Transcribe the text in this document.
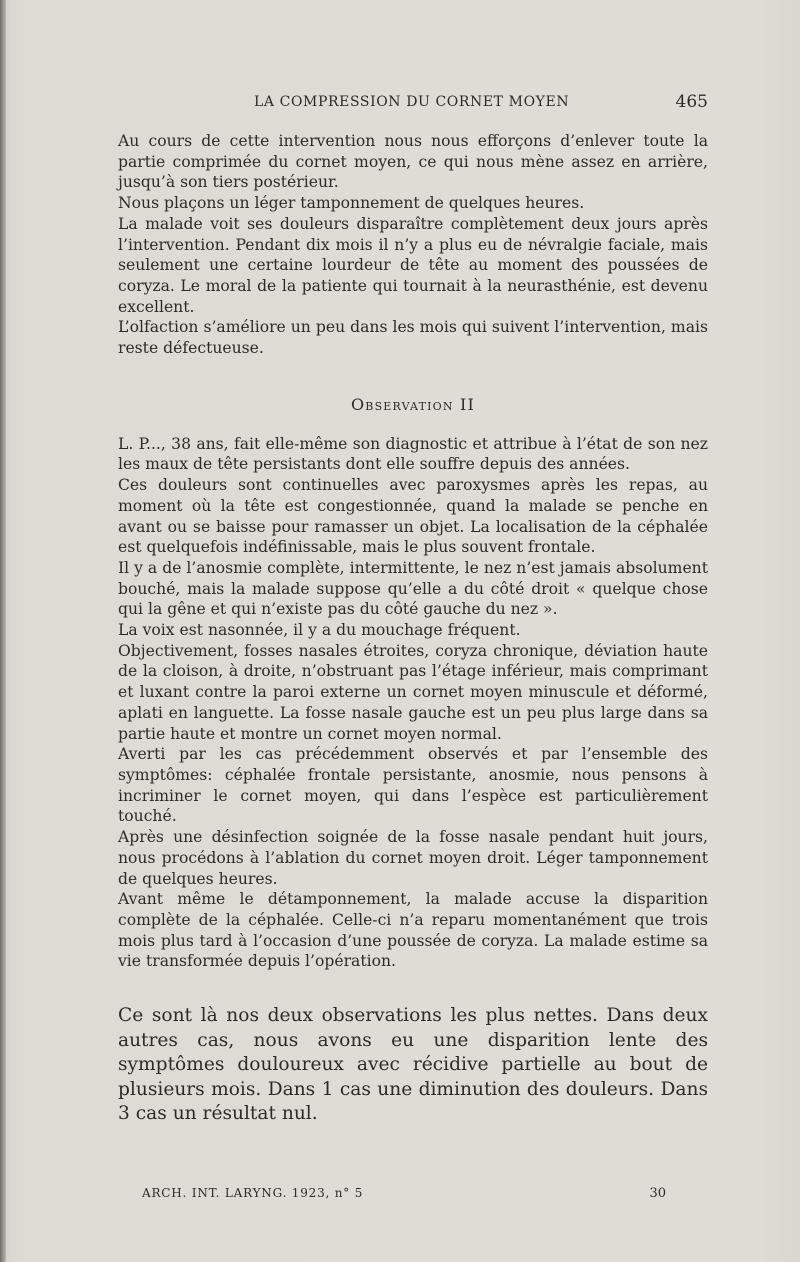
LA COMPRESSION DU CORNET MOYEN	465

Au cours de cette intervention nous nous efforçons d’enlever toute la partie comprimée du cornet moyen, ce qui nous mène assez en arrière, jusqu’à son tiers postérieur.

Nous plaçons un léger tamponnement de quelques heures.

La malade voit ses douleurs disparaître complètement deux jours après l’intervention. Pendant dix mois il n’y a plus eu de névralgie faciale, mais seulement une certaine lourdeur de tête au moment des poussées de coryza. Le moral de la patiente qui tournait à la neurasthénie, est devenu excellent.

L’olfaction s’améliore un peu dans les mois qui suivent l’intervention, mais reste défectueuse.

Observation II

L. P..., 38 ans, fait elle-même son diagnostic et attribue à l’état de son nez les maux de tête persistants dont elle souffre depuis des années.

Ces douleurs sont continuelles avec paroxysmes après les repas, au moment où la tête est congestionnée, quand la malade se penche en avant ou se baisse pour ramasser un objet. La localisation de la céphalée est quelquefois indéfinissable, mais le plus souvent frontale.

Il y a de l’anosmie complète, intermittente, le nez n’est jamais absolument bouché, mais la malade suppose qu’elle a du côté droit « quelque chose qui la gêne et qui n’existe pas du côté gauche du nez ».

La voix est nasonnée, il y a du mouchage fréquent.

Objectivement, fosses nasales étroites, coryza chronique, déviation haute de la cloison, à droite, n’obstruant pas l’étage inférieur, mais comprimant et luxant contre la paroi externe un cornet moyen minuscule et déformé, aplati en languette. La fosse nasale gauche est un peu plus large dans sa partie haute et montre un cornet moyen normal.

Averti par les cas précédemment observés et par l’ensemble des symptômes: céphalée frontale persistante, anosmie, nous pensons à incriminer le cornet moyen, qui dans l’espèce est particulièrement touché.

Après une désinfection soignée de la fosse nasale pendant huit jours, nous procédons à l’ablation du cornet moyen droit. Léger tamponnement de quelques heures.

Avant même le détamponnement, la malade accuse la disparition complète de la céphalée. Celle-ci n’a reparu momentanément que trois mois plus tard à l’occasion d’une poussée de coryza. La malade estime sa vie transformée depuis l’opération.

Ce sont là nos deux observations les plus nettes. Dans deux autres cas, nous avons eu une disparition lente des symptômes douloureux avec récidive partielle au bout de plusieurs mois. Dans 1 cas une diminution des douleurs. Dans 3 cas un résultat nul.

ARCH. INT. LARYNG. 1923, n° 5	30
